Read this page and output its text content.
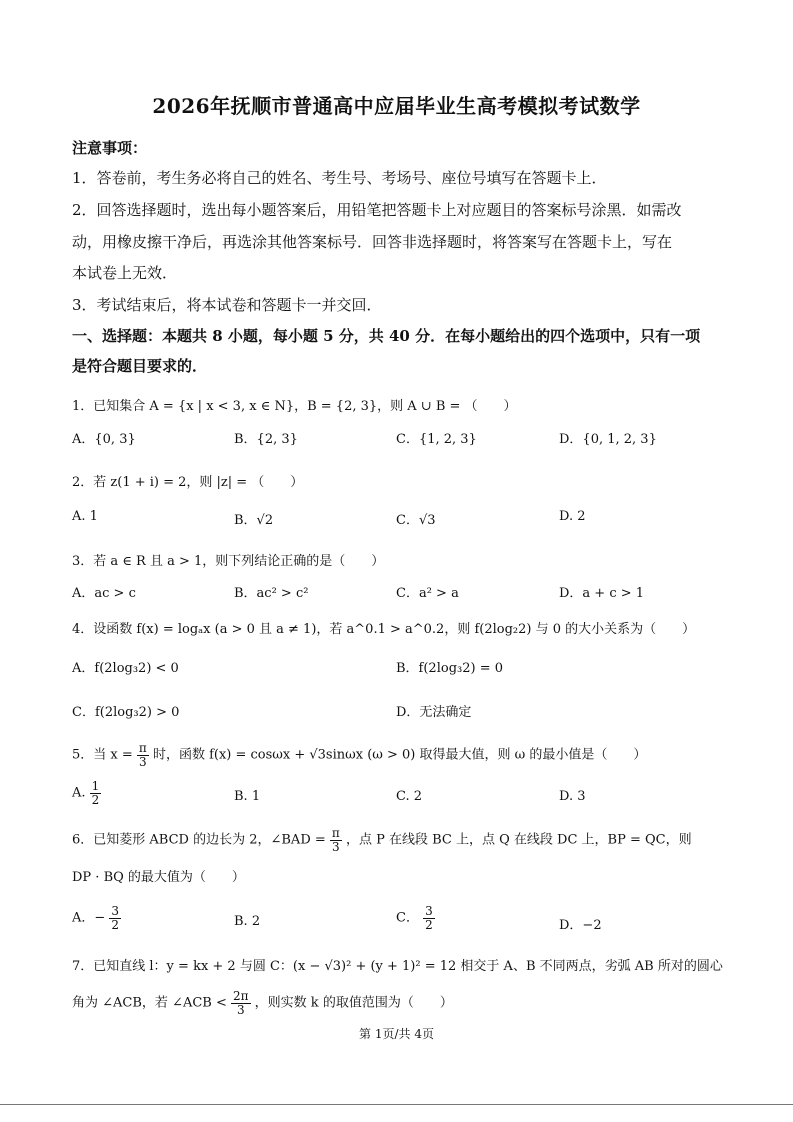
2026年抚顺市普通高中应届毕业生高考模拟考试数学
注意事项：
1．答卷前，考生务必将自己的姓名、考生号、考场号、座位号填写在答题卡上．
2．回答选择题时，选出每小题答案后，用铅笔把答题卡上对应题目的答案标号涂黑．如需改
动，用橡皮擦干净后，再选涂其他答案标号．回答非选择题时，将答案写在答题卡上，写在
本试卷上无效．
3．考试结束后，将本试卷和答题卡一并交回．
一、选择题：本题共 8 小题，每小题 5 分，共 40 分．在每小题给出的四个选项中，只有一项
是符合题目要求的．
1．已知集合 A = {x | x < 3, x ∈ N}，B = {2, 3}，则 A ∪ B = （　　）
A．{0, 3}	B．{2, 3}	C．{1, 2, 3}	D．{0, 1, 2, 3}
2．若 z(1 + i) = 2，则 |z| = （　　）
A. 1	B．√2	C．√3	D. 2
3．若 a ∈ R 且 a > 1，则下列结论正确的是（　　）
A．ac > c	B．ac² > c²	C．a² > a	D．a + c > 1
4．设函数 f(x) = logₐx (a > 0 且 a ≠ 1)，若 a^0.1 > a^0.2，则 f(2log₂2) 与 0 的大小关系为（　　）
A．f(2log₃2) < 0	B．f(2log₃2) = 0
C．f(2log₃2) > 0	D．无法确定
5．当 $x = \frac{\pi}{3}$ 时，函数 f(x) = cosωx + √3sinωx (ω > 0) 取得最大值，则 ω 的最小值是（　　）
A. $\frac{1}{2}$	B. 1	C. 2	D. 3
6．已知菱形 ABCD 的边长为 2，∠BAD = $\frac{\pi}{3}$ ，点 P 在线段 BC 上，点 Q 在线段 DC 上，BP = QC，则
DP · BQ 的最大值为（　　）
A．− $\frac{3}{2}$	B. 2	C． $\frac{3}{2}$	D．−2
7．已知直线 l：y = kx + 2 与圆 C：(x − √3)² + (y + 1)² = 12 相交于 A、B 不同两点，劣弧 AB 所对的圆心
角为 ∠ACB，若 ∠ACB < $\frac{2\pi}{3}$ ，则实数 k 的取值范围为（　　）
第 1页/共 4页
